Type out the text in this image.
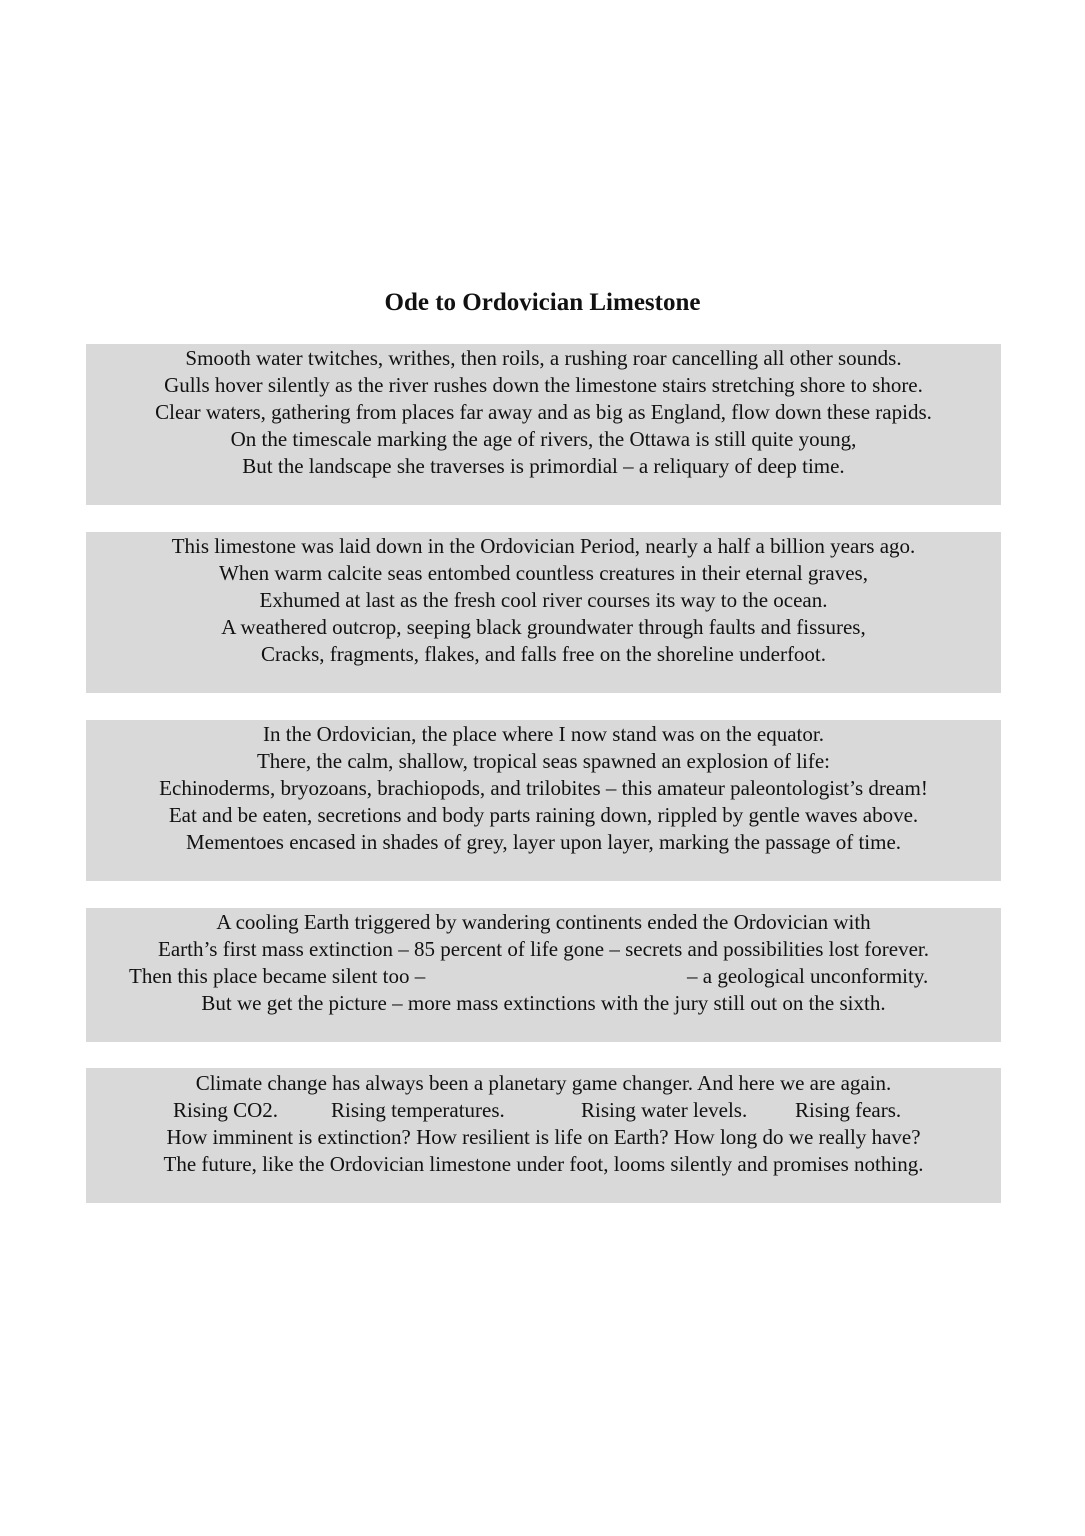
Ode to Ordovician Limestone
Smooth water twitches, writhes, then roils, a rushing roar cancelling all other sounds.
Gulls hover silently as the river rushes down the limestone stairs stretching shore to shore.
Clear waters, gathering from places far away and as big as England, flow down these rapids.
On the timescale marking the age of rivers, the Ottawa is still quite young,
But the landscape she traverses is primordial – a reliquary of deep time.
This limestone was laid down in the Ordovician Period, nearly a half a billion years ago.
When warm calcite seas entombed countless creatures in their eternal graves,
Exhumed at last as the fresh cool river courses its way to the ocean.
A weathered outcrop, seeping black groundwater through faults and fissures,
Cracks, fragments, flakes, and falls free on the shoreline underfoot.
In the Ordovician, the place where I now stand was on the equator.
There, the calm, shallow, tropical seas spawned an explosion of life:
Echinoderms, bryozoans, brachiopods, and trilobites – this amateur paleontologist’s dream!
Eat and be eaten, secretions and body parts raining down, rippled by gentle waves above.
Mementoes encased in shades of grey, layer upon layer, marking the passage of time.
A cooling Earth triggered by wandering continents ended the Ordovician with
Earth’s first mass extinction – 85 percent of life gone – secrets and possibilities lost forever.
Then this place became silent too –	– a geological unconformity.
But we get the picture – more mass extinctions with the jury still out on the sixth.
Climate change has always been a planetary game changer. And here we are again.
Rising CO2.	Rising temperatures.	Rising water levels. Rising fears.
How imminent is extinction? How resilient is life on Earth? How long do we really have?
The future, like the Ordovician limestone under foot, looms silently and promises nothing.
